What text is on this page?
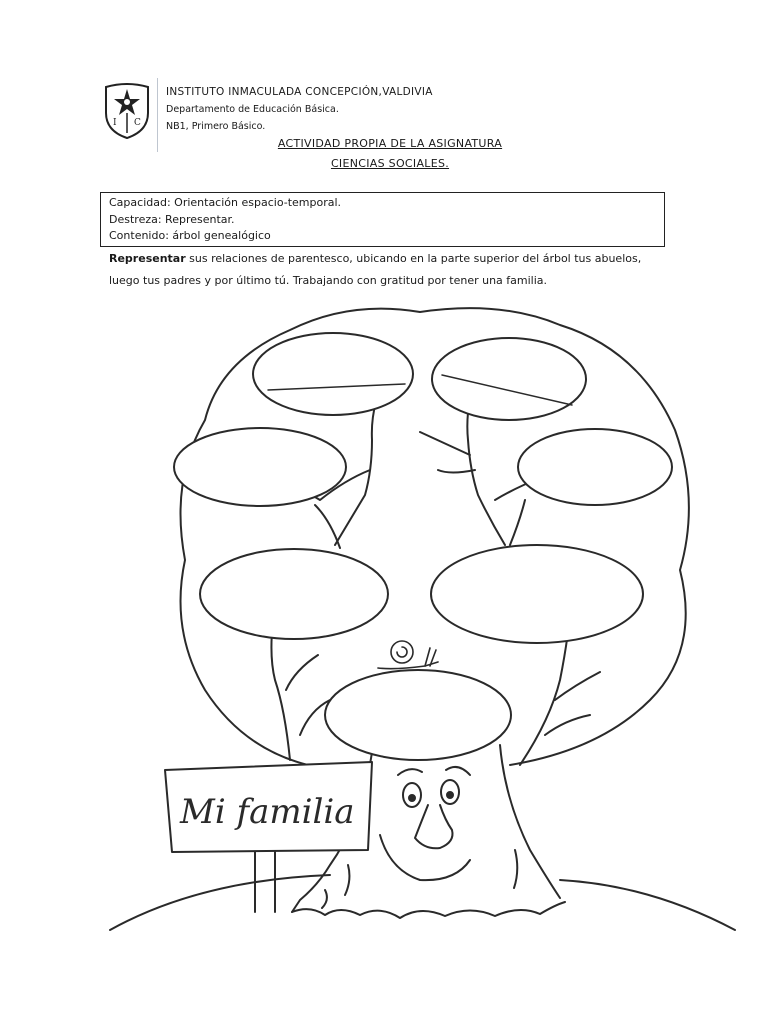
I C
INSTITUTO INMACULADA CONCEPCIÓN,VALDIVIA
Departamento de Educación Básica.
NB1, Primero Básico.
ACTIVIDAD PROPIA DE LA ASIGNATURA
CIENCIAS SOCIALES.
Capacidad: Orientación espacio-temporal.
Destreza: Representar.
Contenido: árbol genealógico
Representar sus relaciones de parentesco, ubicando en la parte superior del árbol tus abuelos, luego tus padres y por último tú. Trabajando con gratitud por tener una familia.
Mi familia
